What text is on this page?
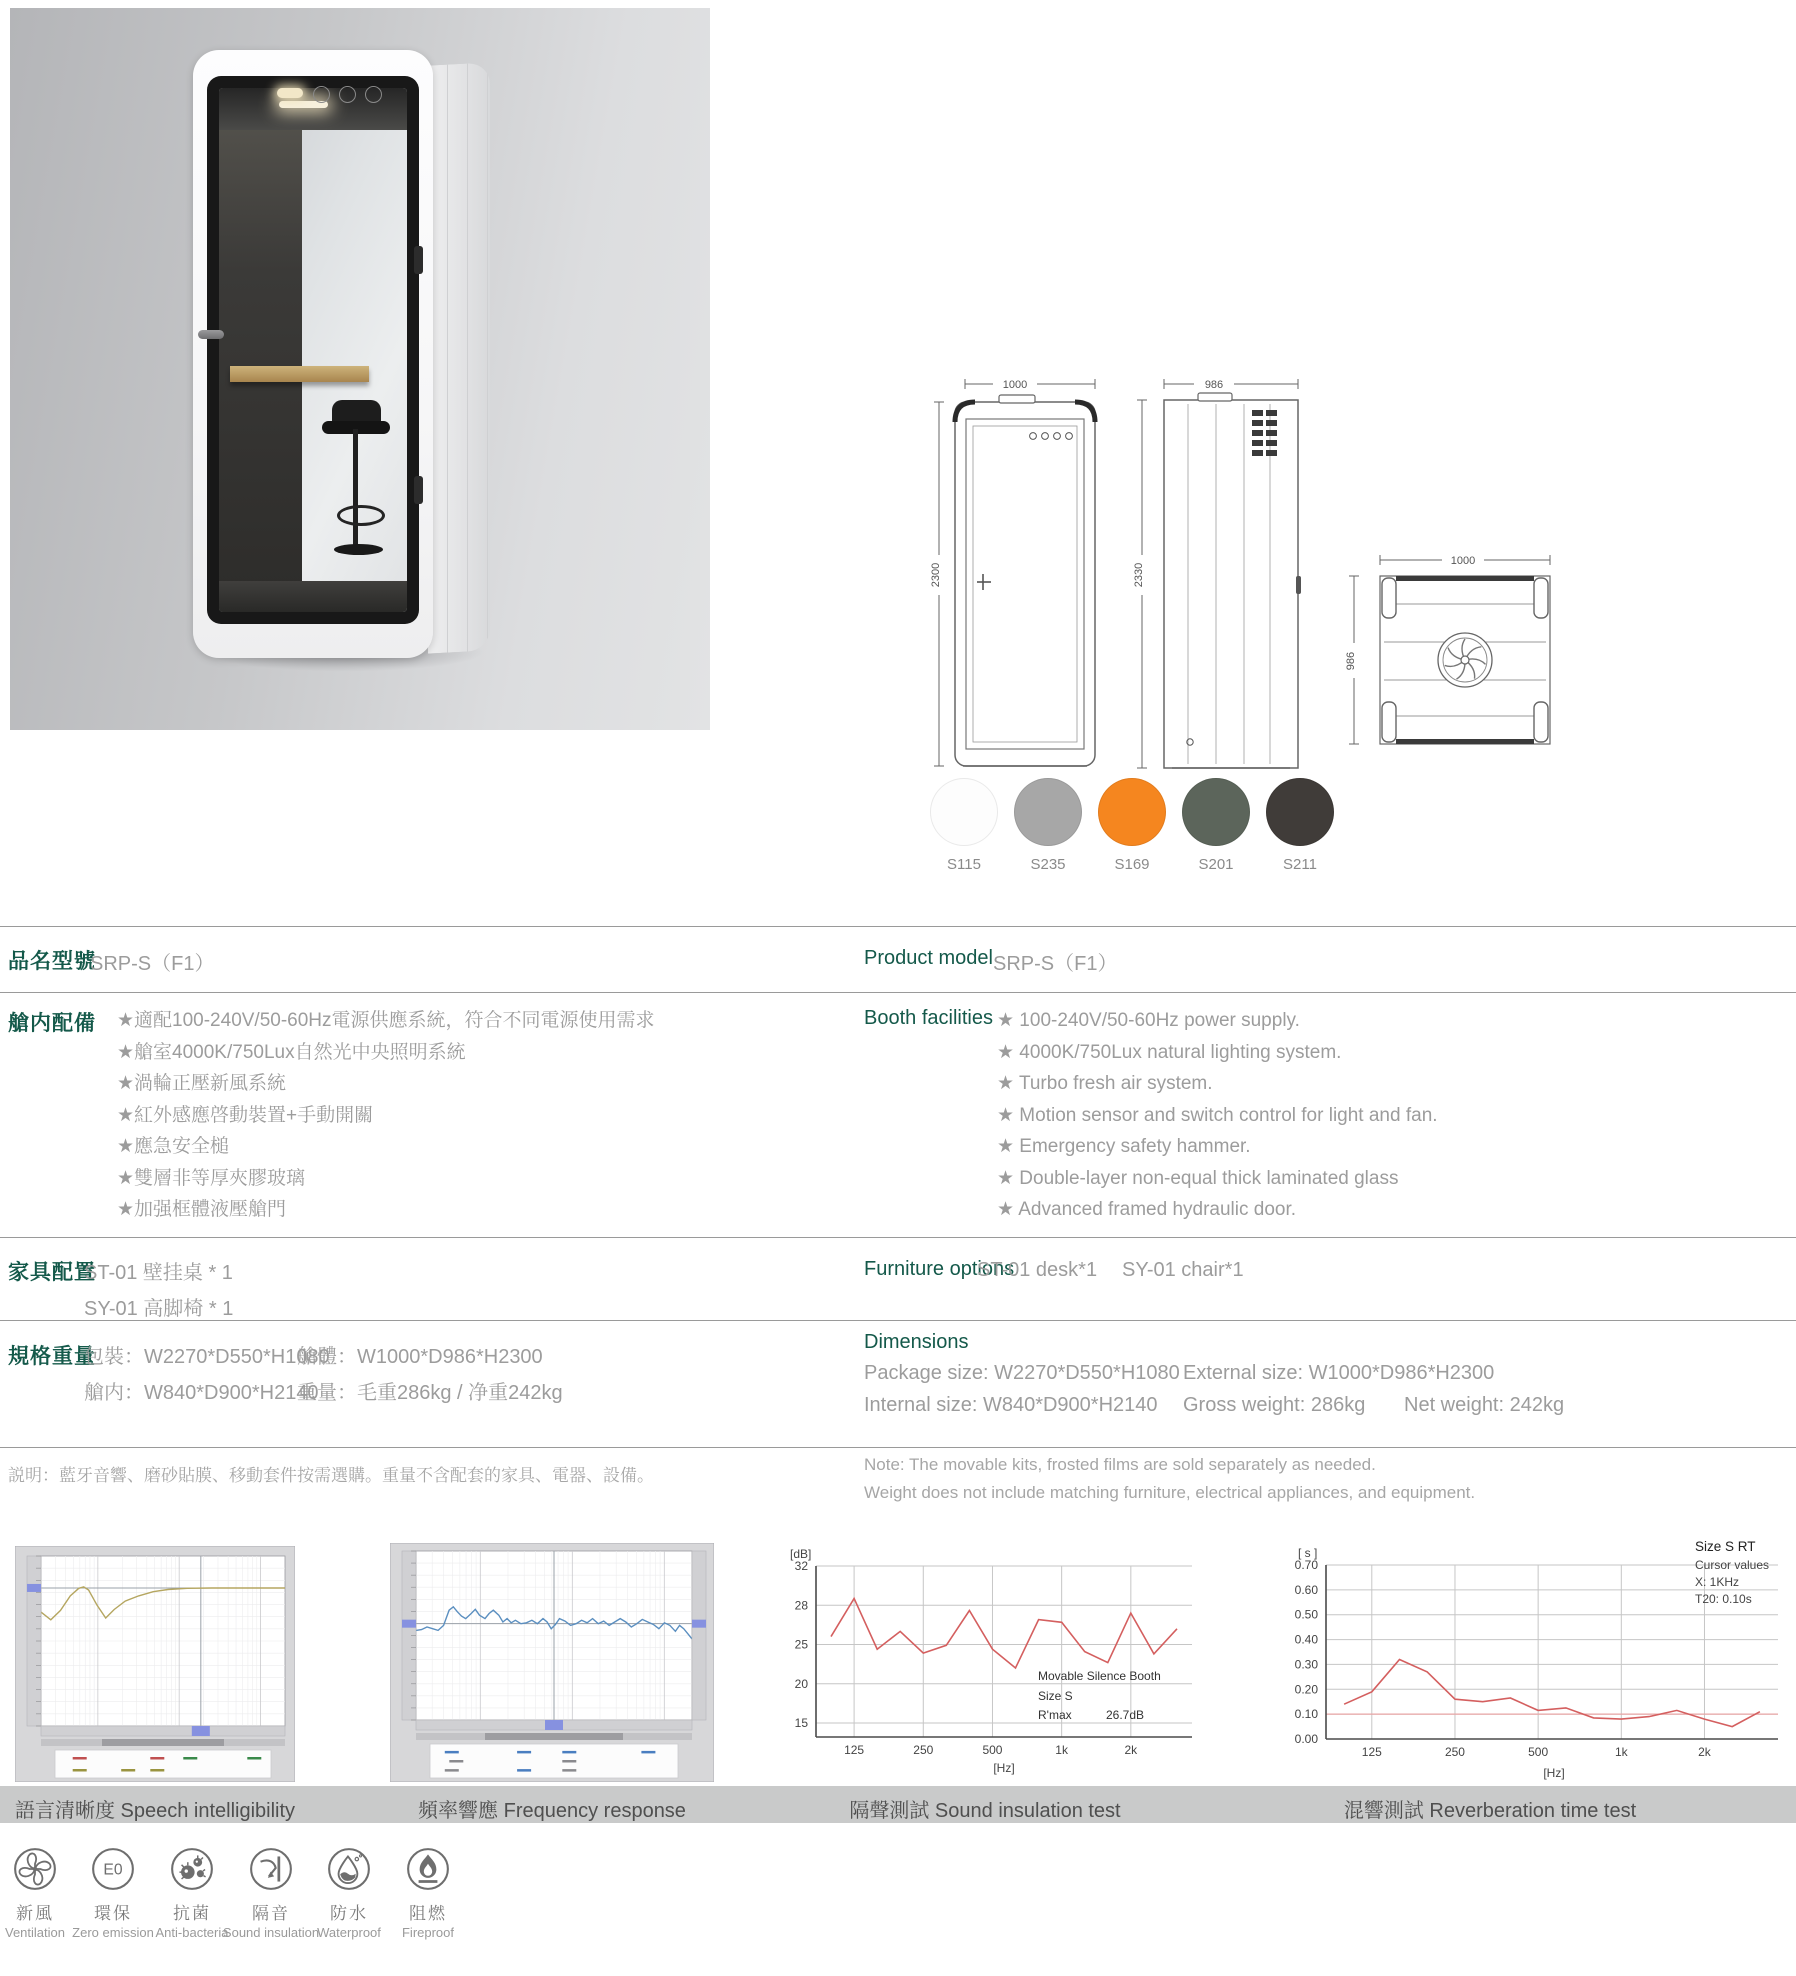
1000
2300
986
2330
1000
986
S115	S235	S169	S201	S211
品名型號
SRP-S（F1）	Product model SRP-S（F1）
艙内配備 ★適配100-240V/50-60Hz電源供應系統，符合不同電源使用需求
★艙室4000K/750Lux自然光中央照明系統
★渦輪正壓新風系統
★紅外感應啓動裝置+手動開關
★應急安全槌
★雙層非等厚夾膠玻璃
★加强框體液壓艙門
Booth facilities ★ 100-240V/50-60Hz power supply.
★ 4000K/750Lux natural lighting system.
★ Turbo fresh air system.
★ Motion sensor and switch control for light and fan.
★ Emergency safety hammer.
★ Double-layer non-equal thick laminated glass
★ Advanced framed hydraulic door.
家具配置
ST-01 壁挂桌 * 1
SY-01 高脚椅 * 1
Furniture options
ST-01 desk*1 SY-01 chair*1
規格重量
包裝：W2270*D550*H1080
艙體：W1000*D986*H2300
艙内：W840*D900*H2140
重量：毛重286kg / 净重242kg
Dimensions
Package size: W2270*D550*H1080 External size: W1000*D986*H2300
Internal size: W840*D900*H2140 Gross weight: 286kg Net weight: 242kg
説明：藍牙音響、磨砂貼膜、移動套件按需選購。重量不含配套的家具、電器、設備。
Note: The movable kits, frosted films are sold separately as needed.
Weight does not include matching furniture, electrical appliances, and equipment.
15
20
25
28
32
125	250	500	1k	2k
[dB]
[Hz]
Movable Silence Booth
Size S
R'max	26.7dB
0.00
0.10
0.20
0.30
0.40
0.50
0.60
0.70
125	250	500	1k	2k
[ s ]
[Hz]
Size S RT
Cursor values
X: 1KHz
T20: 0.10s
語言清晰度 Speech intelligibility	頻率響應 Frequency response	隔聲測試 Sound insulation test	混響測試 Reverberation time test
新風
Ventilation
E0
環保
Zero emission
抗菌
Anti-bacteria
隔音
Sound insulation
防水
Waterproof
阻燃
Fireproof
